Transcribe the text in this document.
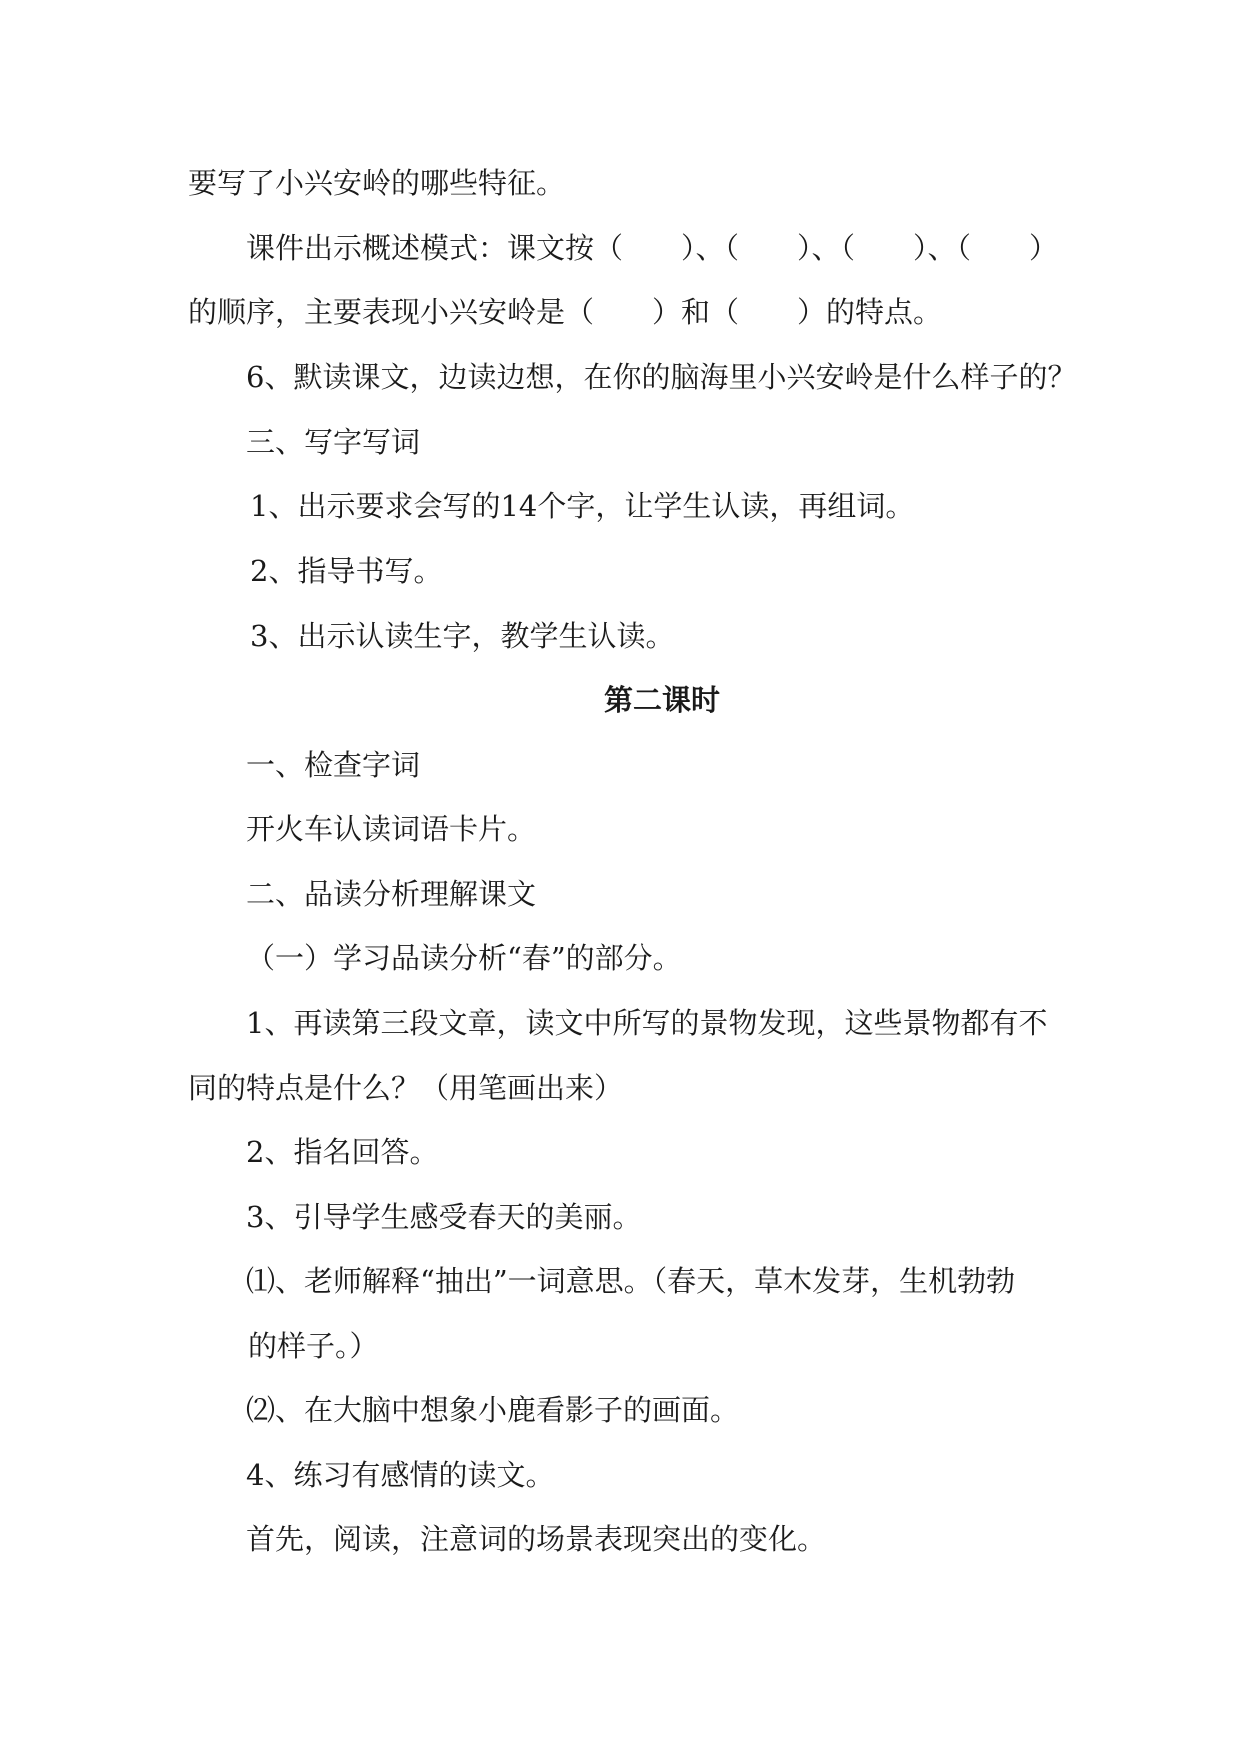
要写了小兴安岭的哪些特征。
课件出示概述模式：课文按（　　）、（　　）、（　　）、（　　）
的顺序，主要表现小兴安岭是（　　）和（　　）的特点。
6、默读课文，边读边想，在你的脑海里小兴安岭是什么样子的？
三、写字写词
1、出示要求会写的14个字，让学生认读，再组词。
2、指导书写。
3、出示认读生字，教学生认读。
第二课时
一、检查字词
开火车认读词语卡片。
二、品读分析理解课文
（一）学习品读分析“春”的部分。
1、再读第三段文章，读文中所写的景物发现，这些景物都有不
同的特点是什么？（用笔画出来）
2、指名回答。
3、引导学生感受春天的美丽。
⑴、老师解释“抽出”一词意思。（春天，草木发芽，生机勃勃
的样子。）
⑵、在大脑中想象小鹿看影子的画面。
4、练习有感情的读文。
首先，阅读，注意词的场景表现突出的变化。
